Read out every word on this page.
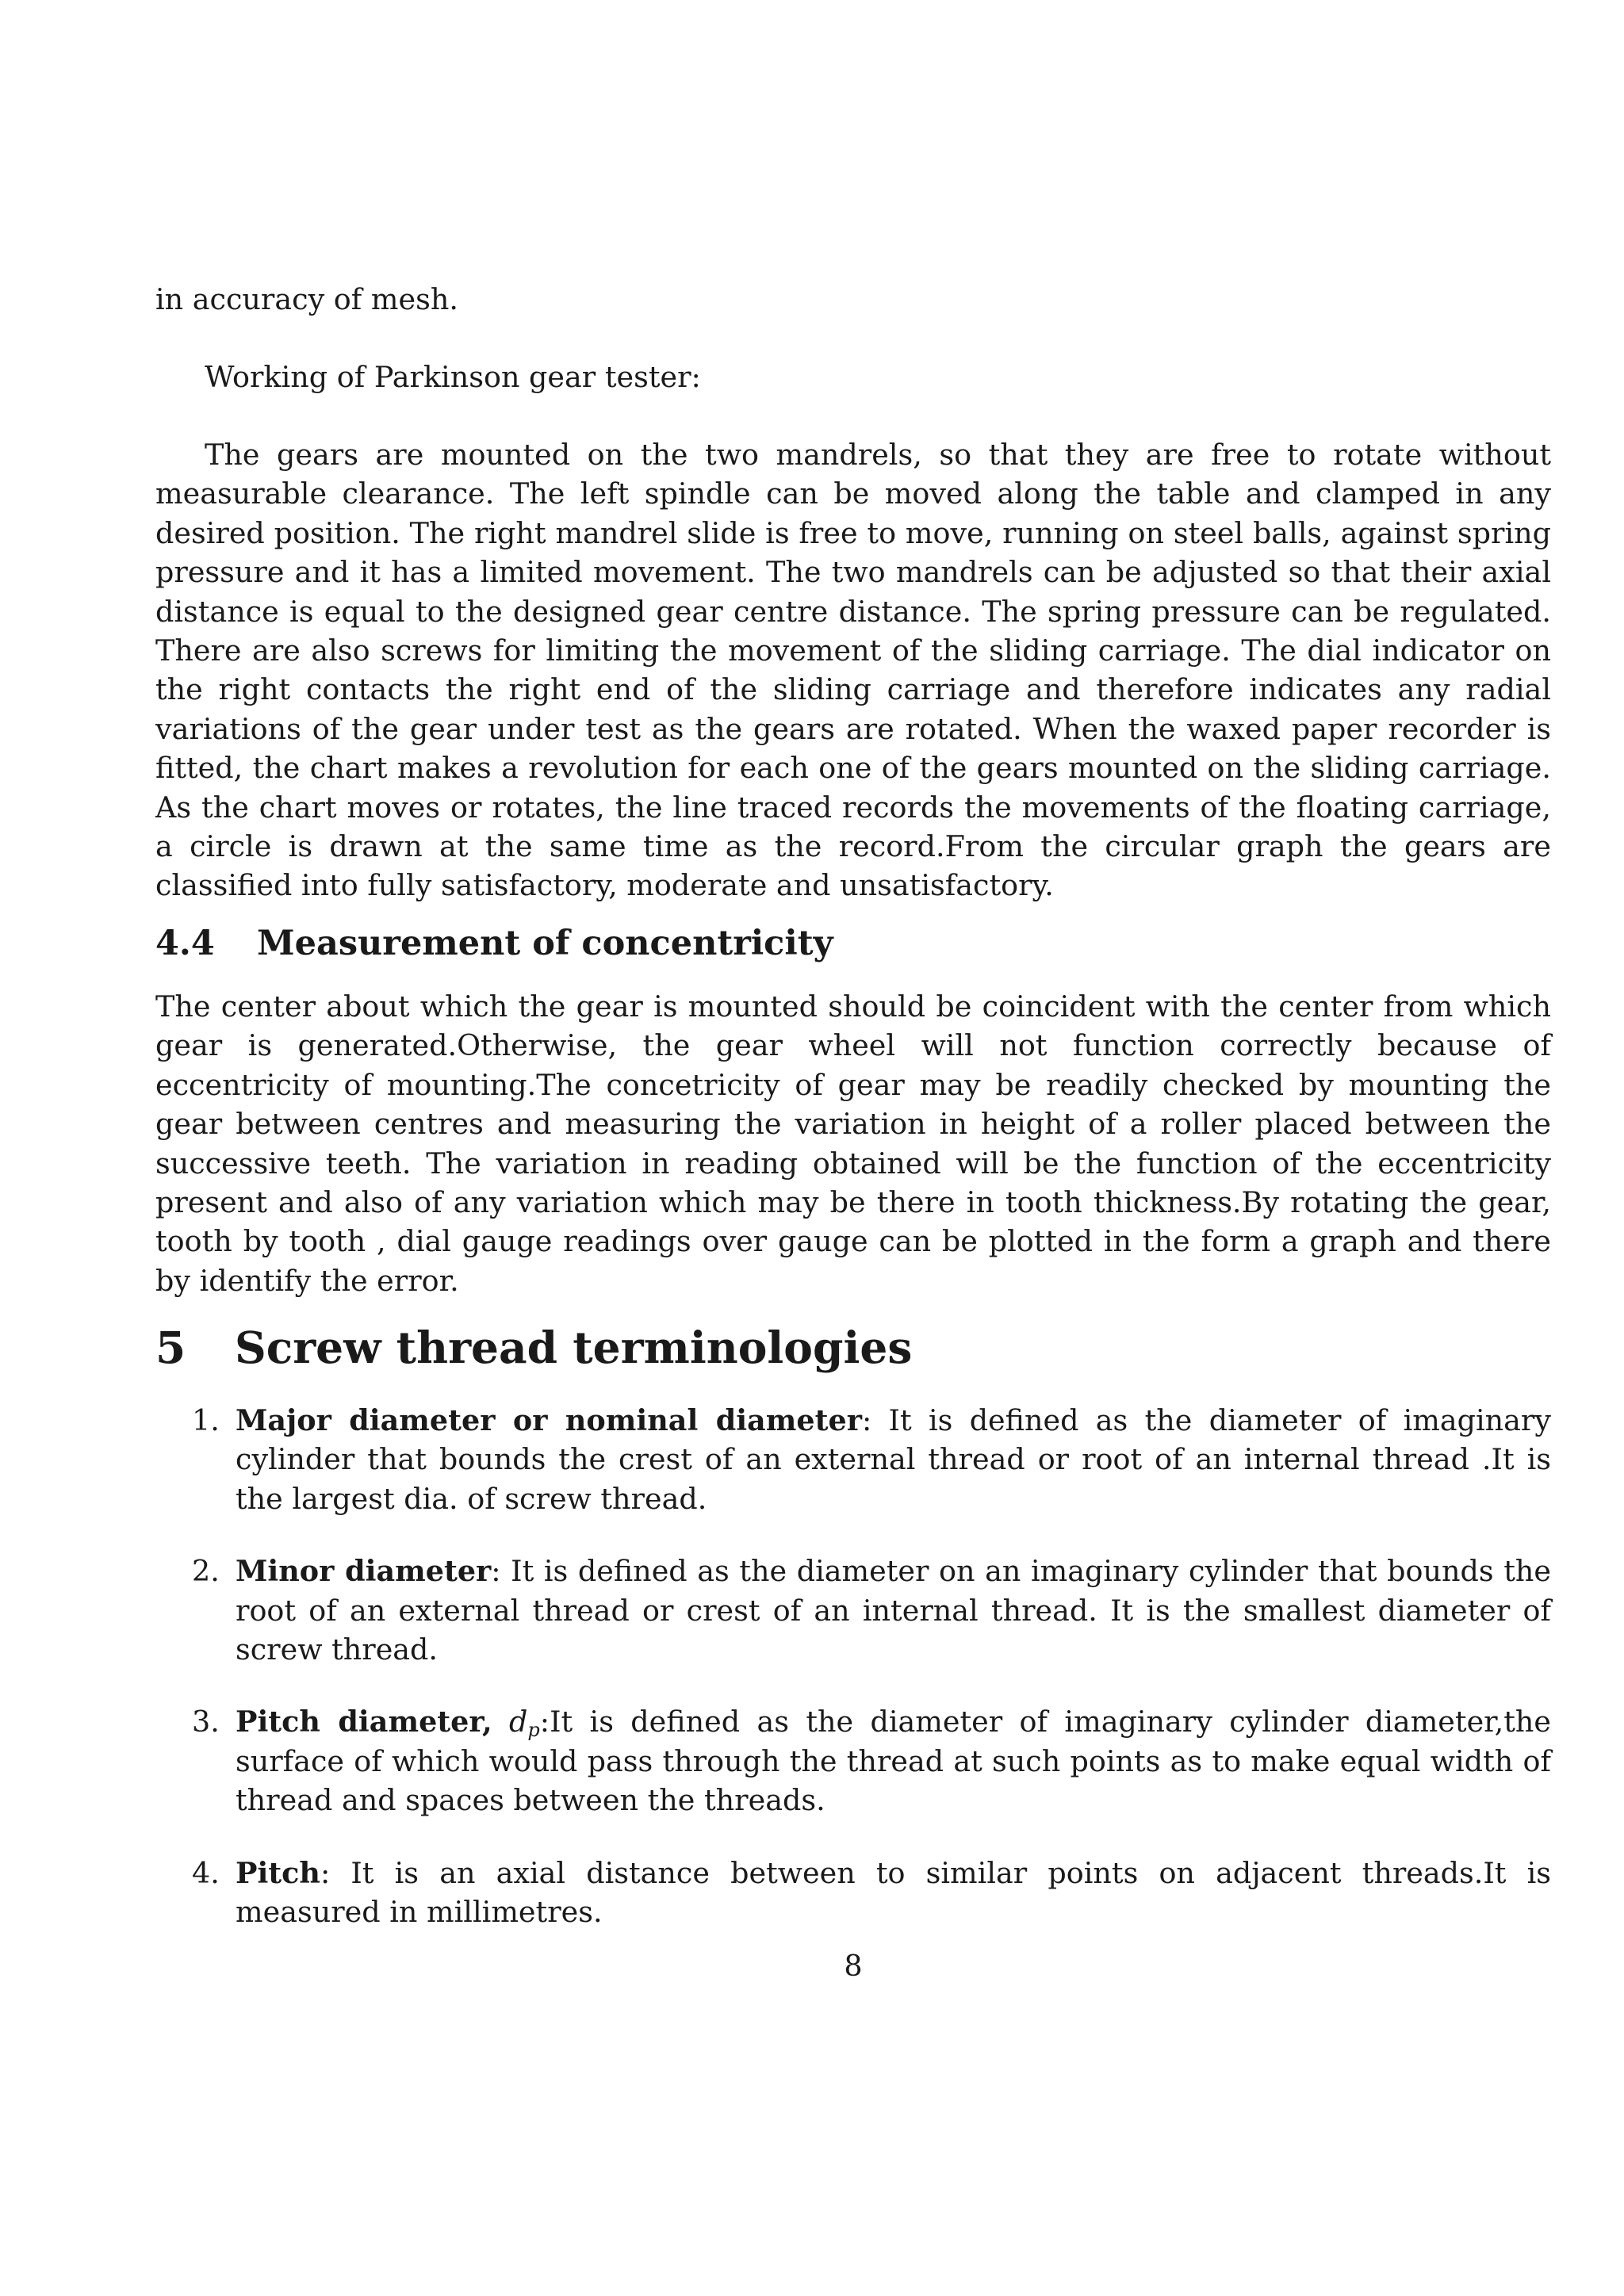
in accuracy of mesh.

Working of Parkinson gear tester:

The gears are mounted on the two mandrels, so that they are free to rotate without measurable clearance. The left spindle can be moved along the table and clamped in any desired position. The right mandrel slide is free to move, running on steel balls, against spring pressure and it has a limited movement. The two mandrels can be adjusted so that their axial distance is equal to the designed gear centre distance. The spring pressure can be regulated. There are also screws for limiting the movement of the sliding carriage. The dial indicator on the right contacts the right end of the sliding carriage and therefore indicates any radial variations of the gear under test as the gears are rotated. When the waxed paper recorder is fitted, the chart makes a revolution for each one of the gears mounted on the sliding carriage. As the chart moves or rotates, the line traced records the movements of the floating carriage, a circle is drawn at the same time as the record.From the circular graph the gears are classified into fully satisfactory, moderate and unsatisfactory.

4.4 Measurement of concentricity

The center about which the gear is mounted should be coincident with the center from which gear is generated.Otherwise, the gear wheel will not function correctly because of eccentricity of mounting.The concetricity of gear may be readily checked by mounting the gear between centres and measuring the variation in height of a roller placed between the successive teeth. The variation in reading obtained will be the function of the eccentricity present and also of any variation which may be there in tooth thickness.By rotating the gear, tooth by tooth , dial gauge readings over gauge can be plotted in the form a graph and there by identify the error.

5 Screw thread terminologies
1. Major diameter or nominal diameter: It is defined as the diameter of imaginary cylinder that bounds the crest of an external thread or root of an internal thread .It is the largest dia. of screw thread.
2. Minor diameter: It is defined as the diameter on an imaginary cylinder that bounds the root of an external thread or crest of an internal thread. It is the smallest diameter of screw thread.
3. Pitch diameter, $d_p:It$ is defined as the diameter of imaginary cylinder diameter,the surface of which would pass through the thread at such points as to make equal width of thread and spaces between the threads.
4. Pitch: It is an axial distance between to similar points on adjacent threads.It is measured in millimetres.
8
